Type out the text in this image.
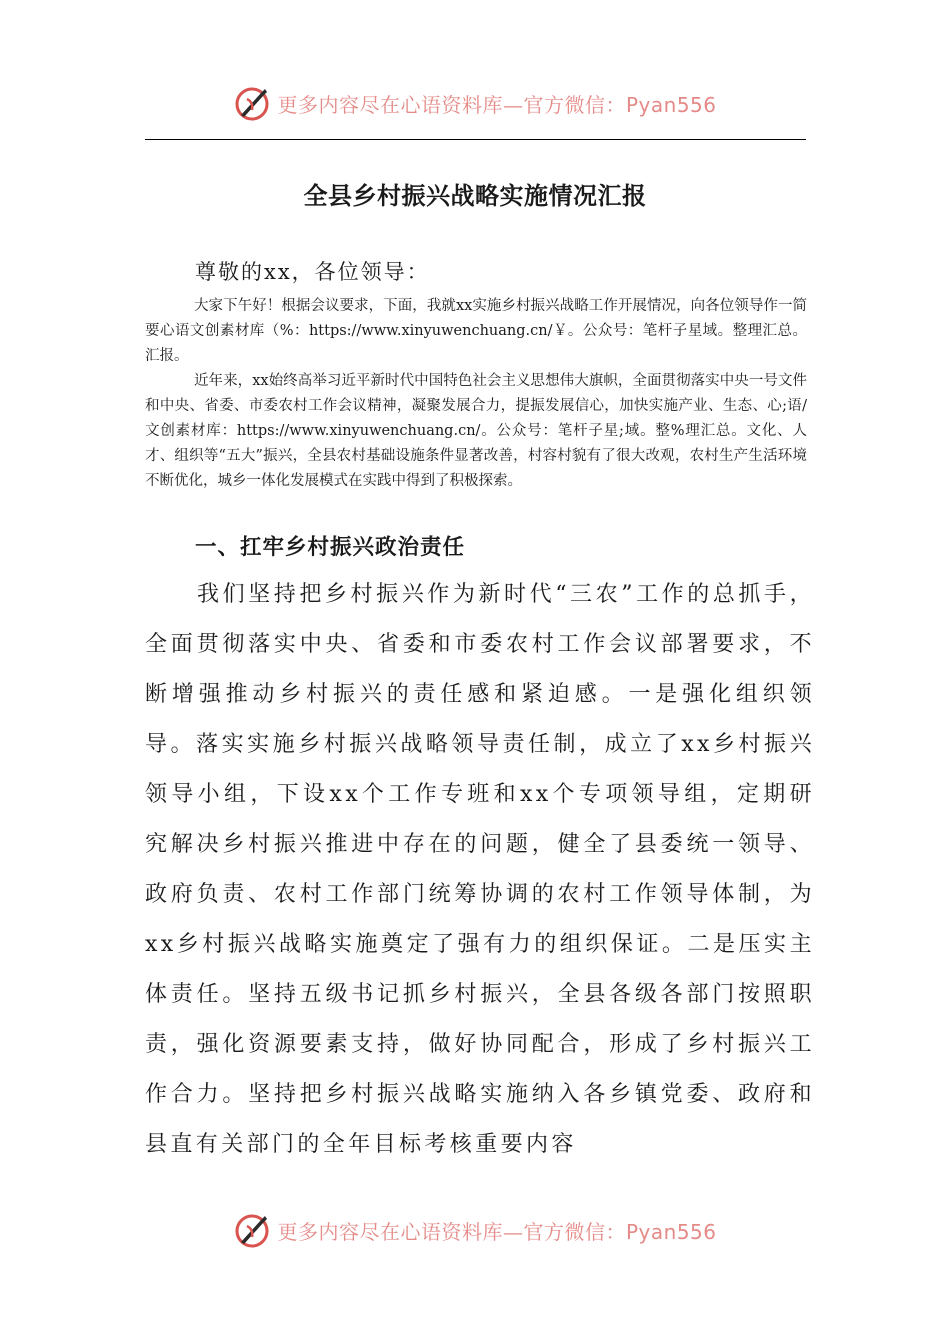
更多内容尽在心语资料库—官方微信：Pyan556
全县乡村振兴战略实施情况汇报
尊敬的xx，各位领导：
大家下午好！根据会议要求，下面，我就xx实施乡村振兴战略工作开展情况，向各位领导作一简要心语文创素材库（%：https://www.xinyuwenchuang.cn/￥。公众号：笔杆子星域。整理汇总。汇报。
近年来，xx始终高举习近平新时代中国特色社会主义思想伟大旗帜，全面贯彻落实中央一号文件和中央、省委、市委农村工作会议精神，凝聚发展合力，提振发展信心，加快实施产业、生态、心;语/文创素材库：https://www.xinyuwenchuang.cn/。公众号：笔杆子星;域。整%理汇总。文化、人才、组织等“五大”振兴，全县农村基础设施条件显著改善，村容村貌有了很大改观，农村生产生活环境不断优化，城乡一体化发展模式在实践中得到了积极探索。
一、扛牢乡村振兴政治责任
我们坚持把乡村振兴作为新时代“三农”工作的总抓手，全面贯彻落实中央、省委和市委农村工作会议部署要求，不断增强推动乡村振兴的责任感和紧迫感。一是强化组织领导。落实实施乡村振兴战略领导责任制，成立了xx乡村振兴领导小组，下设xx个工作专班和xx个专项领导组，定期研究解决乡村振兴推进中存在的问题，健全了县委统一领导、政府负责、农村工作部门统筹协调的农村工作领导体制，为xx乡村振兴战略实施奠定了强有力的组织保证。二是压实主体责任。坚持五级书记抓乡村振兴，全县各级各部门按照职责，强化资源要素支持，做好协同配合，形成了乡村振兴工作合力。坚持把乡村振兴战略实施纳入各乡镇党委、政府和县直有关部门的全年目标考核重要内容
更多内容尽在心语资料库—官方微信：Pyan556
